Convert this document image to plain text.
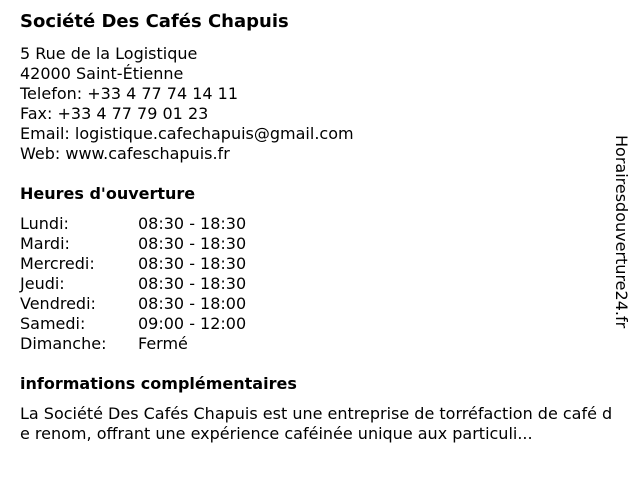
Société Des Cafés Chapuis
5 Rue de la Logistique
42000 Saint-Étienne
Telefon: +33 4 77 74 14 11
Fax: +33 4 77 79 01 23
Email: logistique.cafechapuis@gmail.com
Web: www.cafeschapuis.fr
Heures d'ouverture
Lundi:	08:30 - 18:30
Mardi:	08:30 - 18:30
Mercredi:	08:30 - 18:30
Jeudi:	08:30 - 18:30
Vendredi:	08:30 - 18:00
Samedi:	09:00 - 12:00
Dimanche:	Fermé
informations complémentaires
La Société Des Cafés Chapuis est une entreprise de torréfaction de café de renom, offrant une expérience caféinée unique aux particuli...
Horairesdouverture24.fr
